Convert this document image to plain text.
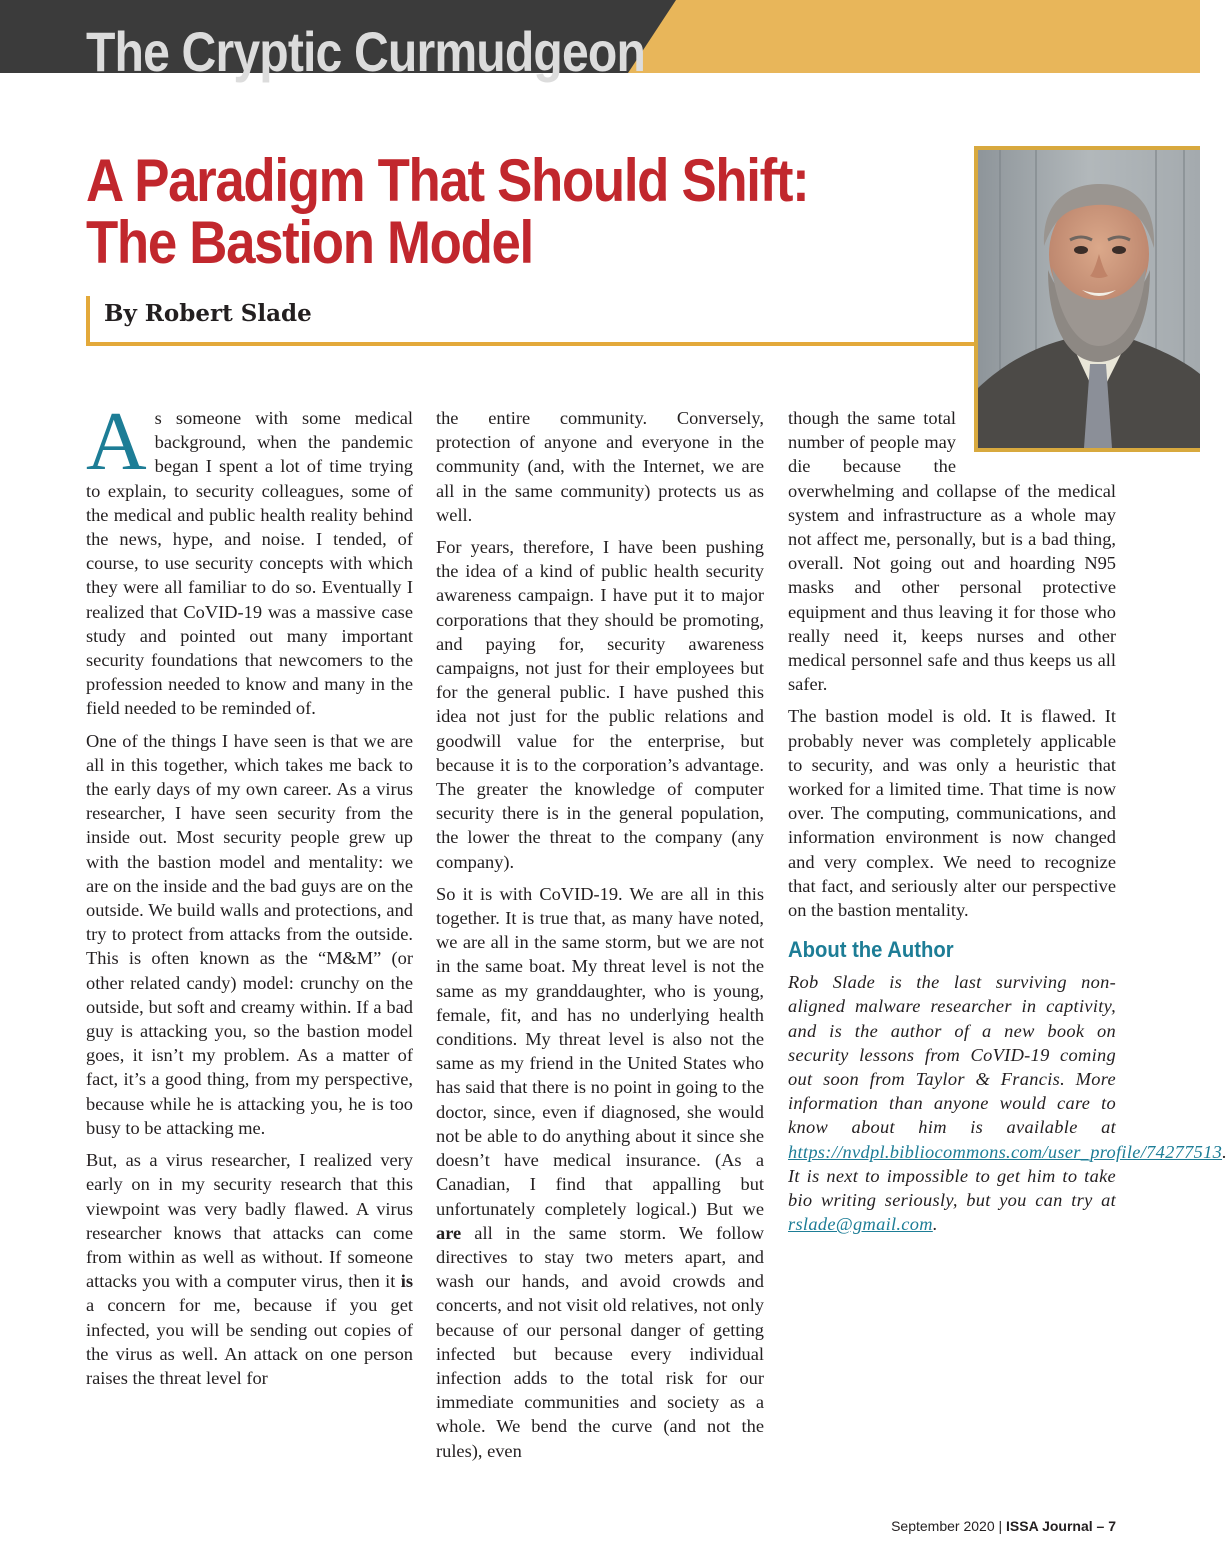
The Cryptic Curmudgeon
A Paradigm That Should Shift: The Bastion Model
By Robert Slade

As someone with some medical background, when the pandemic began I spent a lot of time trying to explain, to security colleagues, some of the medical and public health reality behind the news, hype, and noise. I tended, of course, to use security concepts with which they were all familiar to do so. Eventually I realized that CoVID-19 was a massive case study and pointed out many important security foundations that newcomers to the profession needed to know and many in the field needed to be reminded of.

One of the things I have seen is that we are all in this together, which takes me back to the early days of my own career. As a virus researcher, I have seen security from the inside out. Most security people grew up with the bastion model and mentality: we are on the inside and the bad guys are on the outside. We build walls and protections, and try to protect from attacks from the outside. This is often known as the “M&M” (or other related candy) model: crunchy on the outside, but soft and creamy within. If a bad guy is attacking you, so the bastion model goes, it isn’t my problem. As a matter of fact, it’s a good thing, from my perspective, because while he is attacking you, he is too busy to be attacking me.

But, as a virus researcher, I realized very early on in my security research that this viewpoint was very badly flawed. A virus researcher knows that attacks can come from within as well as without. If someone attacks you with a computer virus, then it is a concern for me, because if you get infected, you will be sending out copies of the virus as well. An attack on one person raises the threat level for

the entire community. Conversely, protection of anyone and everyone in the community (and, with the Internet, we are all in the same community) protects us as well.

For years, therefore, I have been pushing the idea of a kind of public health security awareness campaign. I have put it to major corporations that they should be promoting, and paying for, security awareness campaigns, not just for their employees but for the general public. I have pushed this idea not just for the public relations and goodwill value for the enterprise, but because it is to the corporation’s advantage. The greater the knowledge of computer security there is in the general population, the lower the threat to the company (any company).

So it is with CoVID-19. We are all in this together. It is true that, as many have noted, we are all in the same storm, but we are not in the same boat. My threat level is not the same as my granddaughter, who is young, female, fit, and has no underlying health conditions. My threat level is also not the same as my friend in the United States who has said that there is no point in going to the doctor, since, even if diagnosed, she would not be able to do anything about it since she doesn’t have medical insurance. (As a Canadian, I find that appalling but unfortunately completely logical.) But we are all in the same storm. We follow directives to stay two meters apart, and wash our hands, and avoid crowds and concerts, and not visit old relatives, not only because of our personal danger of getting infected but because every individual infection adds to the total risk for our immediate communities and society as a whole. We bend the curve (and not the rules), even

though the same total number of people may die because the overwhelming and collapse of the medical system and infrastructure as a whole may not affect me, personally, but is a bad thing, overall. Not going out and hoarding N95 masks and other personal protective equipment and thus leaving it for those who really need it, keeps nurses and other medical personnel safe and thus keeps us all safer.

The bastion model is old. It is flawed. It probably never was completely applicable to security, and was only a heuristic that worked for a limited time. That time is now over. The computing, communications, and information environment is now changed and very complex. We need to recognize that fact, and seriously alter our perspective on the bastion mentality.

About the Author

Rob Slade is the last surviving non-aligned malware researcher in captivity, and is the author of a new book on security lessons from CoVID-19 coming out soon from Taylor & Francis. More information than anyone would care to know about him is available at https://nvdpl.bibliocommons.com/user_profile/74277513. It is next to impossible to get him to take bio writing seriously, but you can try at rslade@gmail.com.

September 2020 | ISSA Journal – 7
